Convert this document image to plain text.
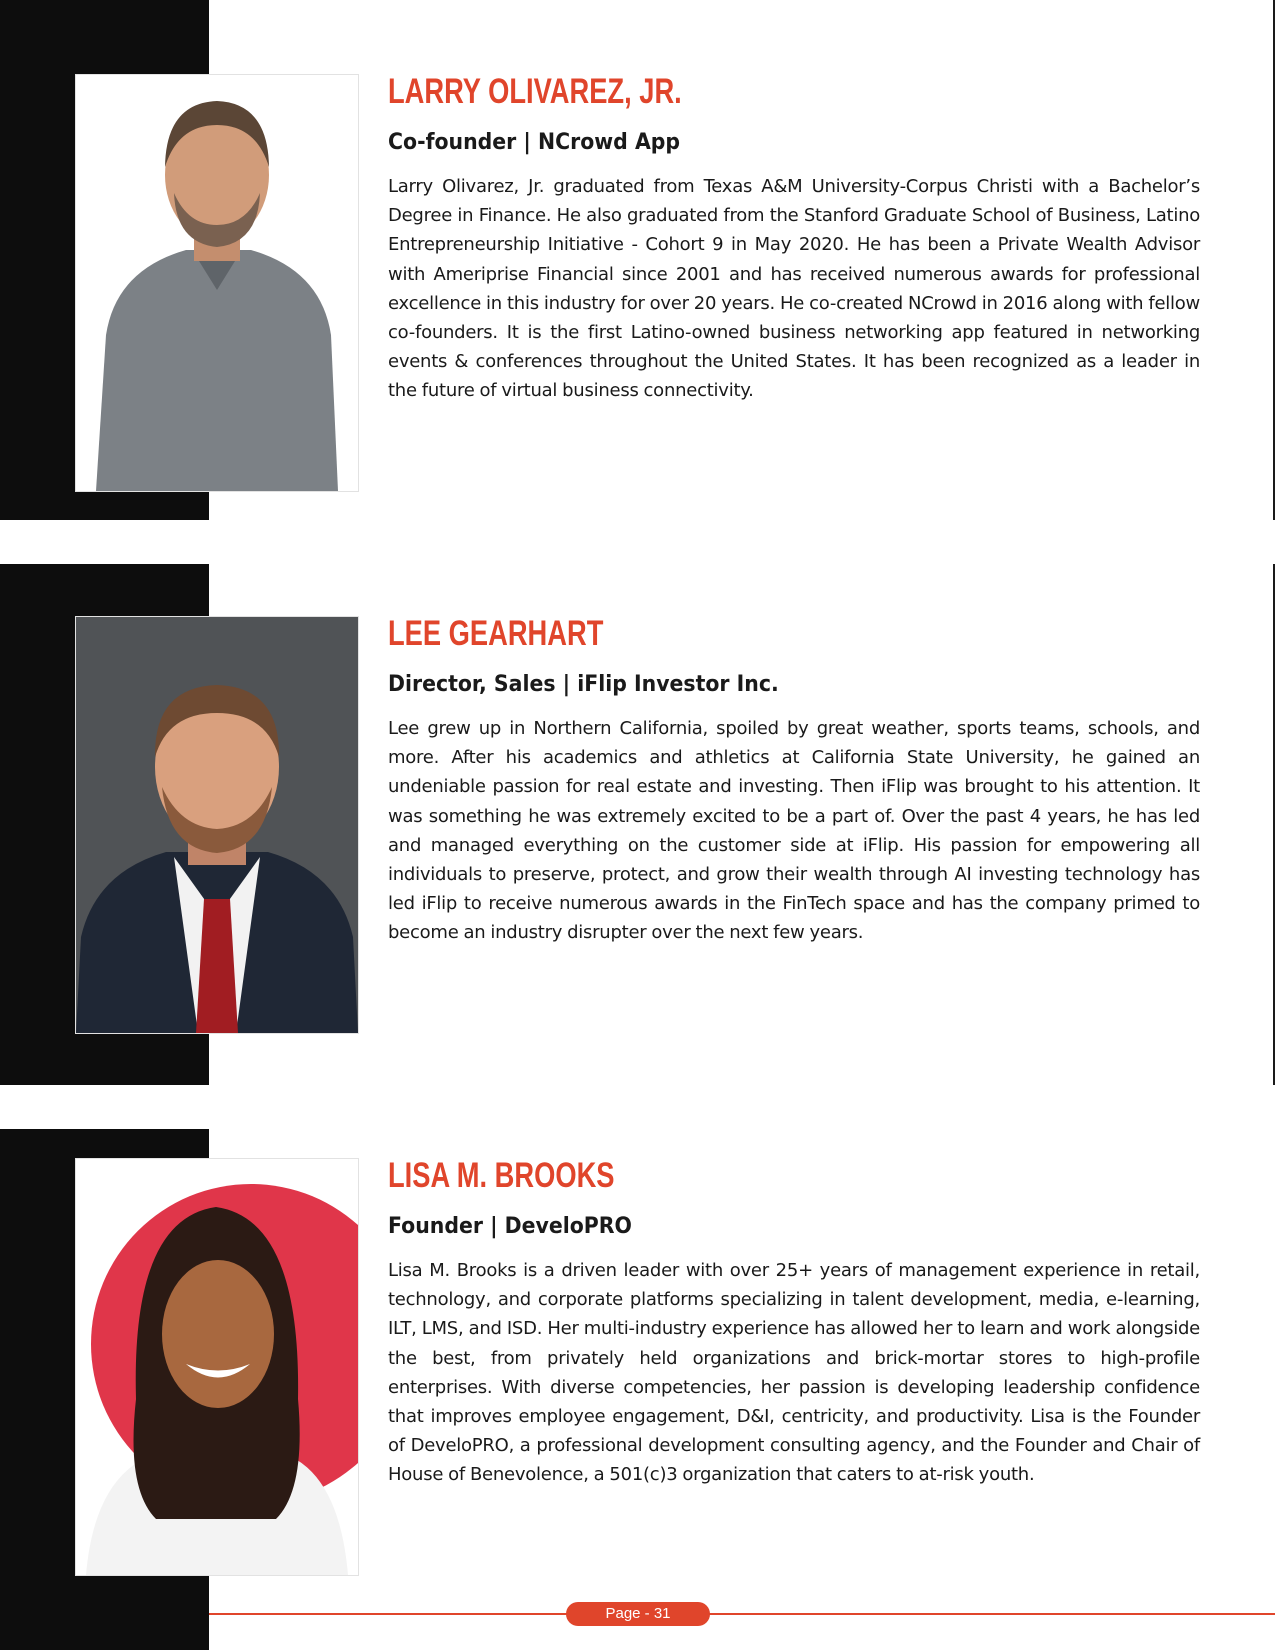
LARRY OLIVAREZ, JR.
Co-founder | NCrowd App

Larry Olivarez, Jr. graduated from Texas A&M University-Corpus Christi with a Bachelor’s Degree in Finance. He also graduated from the Stanford Graduate School of Business, Latino Entrepreneurship Initiative - Cohort 9 in May 2020. He has been a Private Wealth Advisor with Ameriprise Financial since 2001 and has received numerous awards for professional excellence in this industry for over 20 years. He co-created NCrowd in 2016 along with fellow co-founders. It is the first Latino-owned business networking app featured in networking events & conferences throughout the United States. It has been recognized as a leader in the future of virtual business connectivity.

LEE GEARHART
Director, Sales | iFlip Investor Inc.

Lee grew up in Northern California, spoiled by great weather, sports teams, schools, and more. After his academics and athletics at California State University, he gained an undeniable passion for real estate and investing. Then iFlip was brought to his attention. It was something he was extremely excited to be a part of. Over the past 4 years, he has led and managed everything on the customer side at iFlip. His passion for empowering all individuals to preserve, protect, and grow their wealth through AI investing technology has led iFlip to receive numerous awards in the FinTech space and has the company primed to become an industry disrupter over the next few years.

LISA M. BROOKS
Founder | DeveloPRO

Lisa M. Brooks is a driven leader with over 25+ years of management experience in retail, technology, and corporate platforms specializing in talent development, media, e-learning, ILT, LMS, and ISD. Her multi-industry experience has allowed her to learn and work alongside the best, from privately held organizations and brick-mortar stores to high-profile enterprises. With diverse competencies, her passion is developing leadership confidence that improves employee engagement, D&I, centricity, and productivity. Lisa is the Founder of DeveloPRO, a professional development consulting agency, and the Founder and Chair of House of Benevolence, a 501(c)3 organization that caters to at-risk youth.

Page - 31
